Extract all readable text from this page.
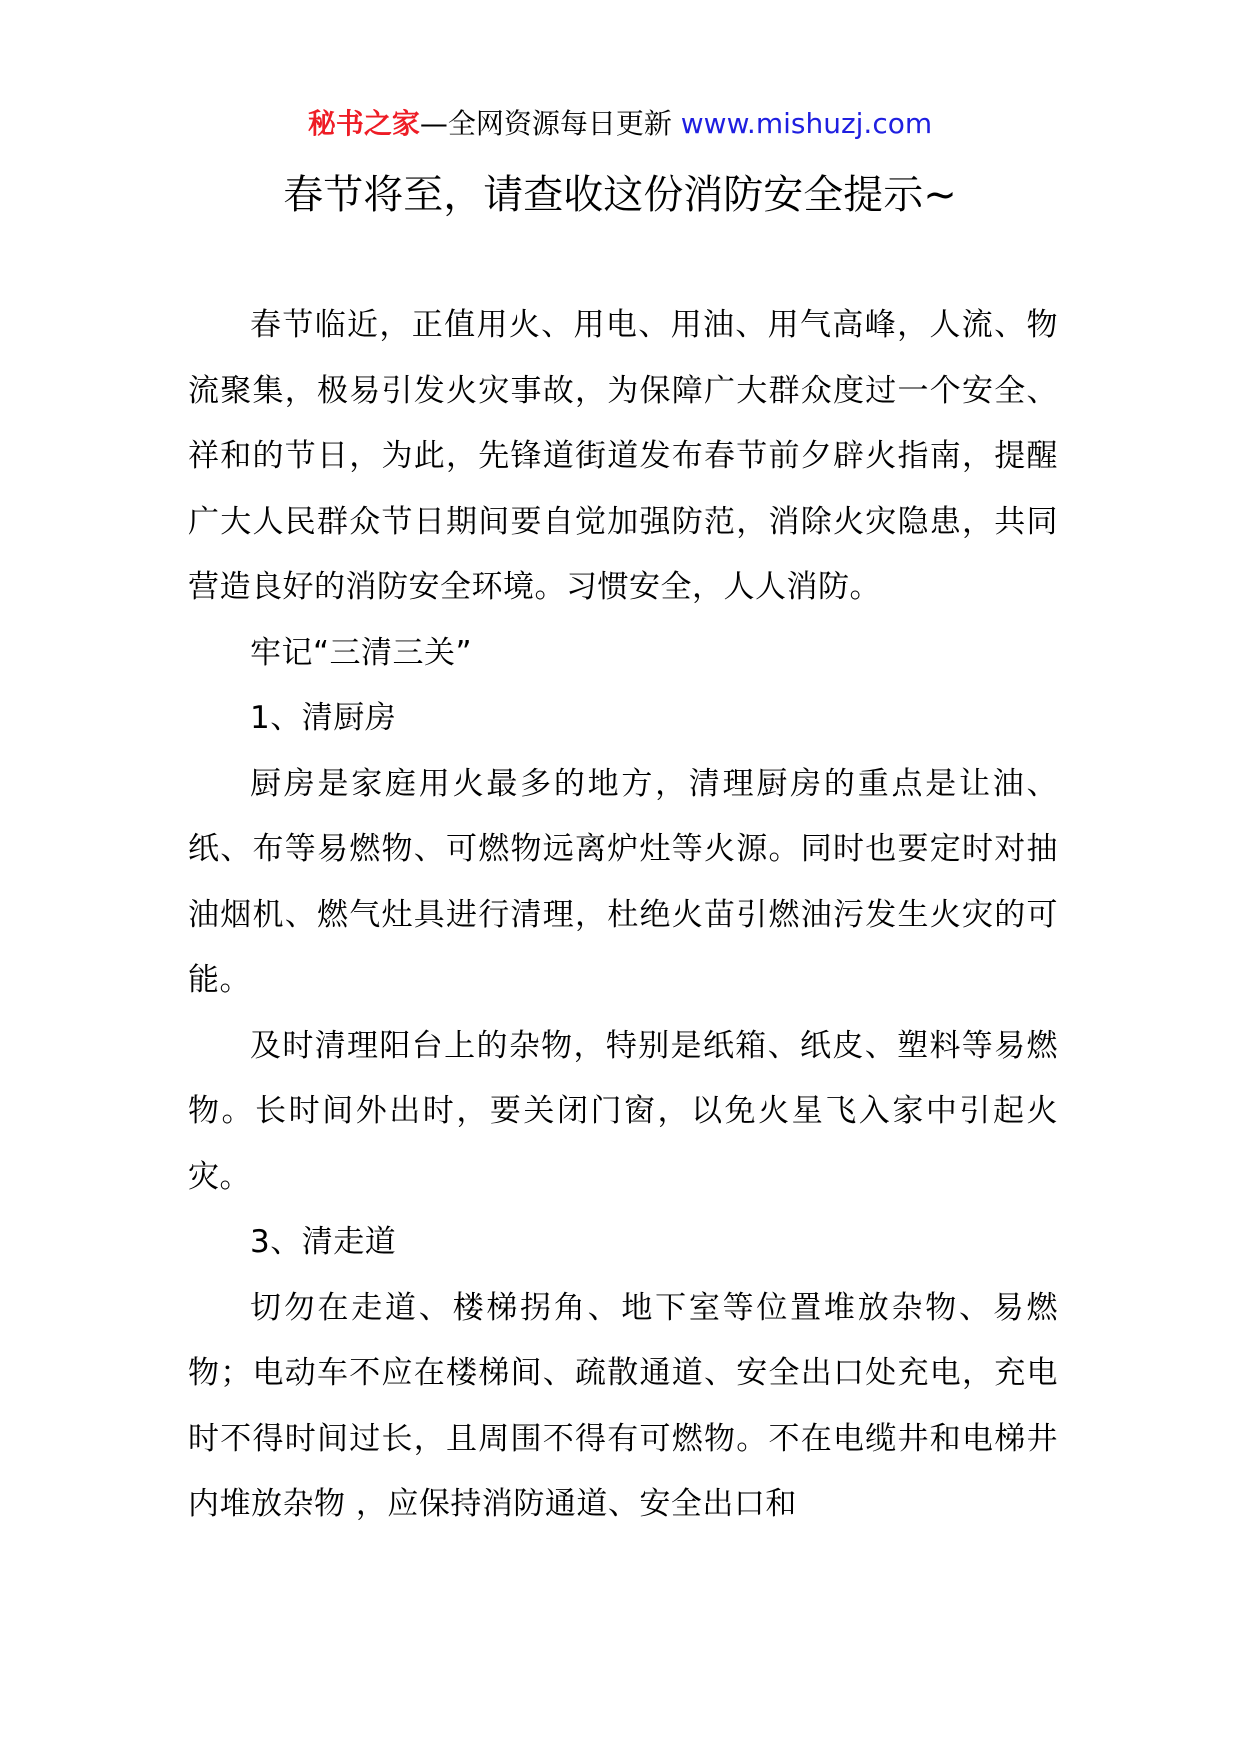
秘书之家—全网资源每日更新 www.mishuzj.com
春节将至，请查收这份消防安全提示~

春节临近，正值用火、用电、用油、用气高峰，人流、物流聚集，极易引发火灾事故，为保障广大群众度过一个安全、祥和的节日，为此，先锋道街道发布春节前夕辟火指南，提醒广大人民群众节日期间要自觉加强防范，消除火灾隐患，共同营造良好的消防安全环境。习惯安全，人人消防。

牢记“三清三关”

1、清厨房

厨房是家庭用火最多的地方，清理厨房的重点是让油、纸、布等易燃物、可燃物远离炉灶等火源。同时也要定时对抽油烟机、燃气灶具进行清理，杜绝火苗引燃油污发生火灾的可能。

及时清理阳台上的杂物，特别是纸箱、纸皮、塑料等易燃物。长时间外出时，要关闭门窗，以免火星飞入家中引起火灾。

3、清走道

切勿在走道、楼梯拐角、地下室等位置堆放杂物、易燃物；电动车不应在楼梯间、疏散通道、安全出口处充电，充电时不得时间过长，且周围不得有可燃物。不在电缆井和电梯井内堆放杂物 ，应保持消防通道、安全出口和
